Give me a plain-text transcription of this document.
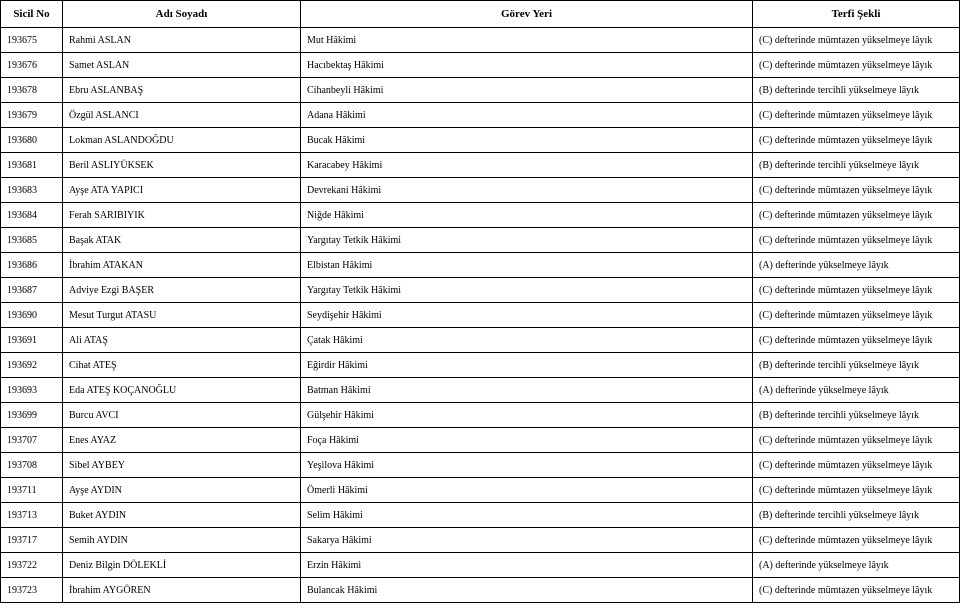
Sicil No	Adı Soyadı	Görev Yeri	Terfi Şekli
193675	Rahmi ASLAN	Mut Hâkimi	(C) defterinde mümtazen yükselmeye lâyık
193676	Samet ASLAN	Hacıbektaş Hâkimi	(C) defterinde mümtazen yükselmeye lâyık
193678	Ebru ASLANBAŞ	Cihanbeyli Hâkimi	(B) defterinde tercihli yükselmeye lâyık
193679	Özgül ASLANCI	Adana Hâkimi	(C) defterinde mümtazen yükselmeye lâyık
193680	Lokman ASLANDOĞDU	Bucak Hâkimi	(C) defterinde mümtazen yükselmeye lâyık
193681	Beril ASLIYÜKSEK	Karacabey Hâkimi	(B) defterinde tercihli yükselmeye lâyık
193683	Ayşe ATA YAPICI	Devrekani Hâkimi	(C) defterinde mümtazen yükselmeye lâyık
193684	Ferah SARIBIYIK	Niğde Hâkimi	(C) defterinde mümtazen yükselmeye lâyık
193685	Başak ATAK	Yargıtay Tetkik Hâkimi	(C) defterinde mümtazen yükselmeye lâyık
193686	İbrahim ATAKAN	Elbistan Hâkimi	(A) defterinde yükselmeye lâyık
193687	Adviye Ezgi BAŞER	Yargıtay Tetkik Hâkimi	(C) defterinde mümtazen yükselmeye lâyık
193690	Mesut Turgut ATASU	Seydişehir Hâkimi	(C) defterinde mümtazen yükselmeye lâyık
193691	Ali ATAŞ	Çatak Hâkimi	(C) defterinde mümtazen yükselmeye lâyık
193692	Cihat ATEŞ	Eğirdir Hâkimi	(B) defterinde tercihli yükselmeye lâyık
193693	Eda ATEŞ KOÇANOĞLU	Batman Hâkimi	(A) defterinde yükselmeye lâyık
193699	Burcu AVCI	Gülşehir Hâkimi	(B) defterinde tercihli yükselmeye lâyık
193707	Enes AYAZ	Foça Hâkimi	(C) defterinde mümtazen yükselmeye lâyık
193708	Sibel AYBEY	Yeşilova Hâkimi	(C) defterinde mümtazen yükselmeye lâyık
193711	Ayşe AYDIN	Ömerli Hâkimi	(C) defterinde mümtazen yükselmeye lâyık
193713	Buket AYDIN	Selim Hâkimi	(B) defterinde tercihli yükselmeye lâyık
193717	Semih AYDIN	Sakarya Hâkimi	(C) defterinde mümtazen yükselmeye lâyık
193722	Deniz Bilgin DÖLEKLİ	Erzin Hâkimi	(A) defterinde yükselmeye lâyık
193723	İbrahim AYGÖREN	Bulancak Hâkimi	(C) defterinde mümtazen yükselmeye lâyık
